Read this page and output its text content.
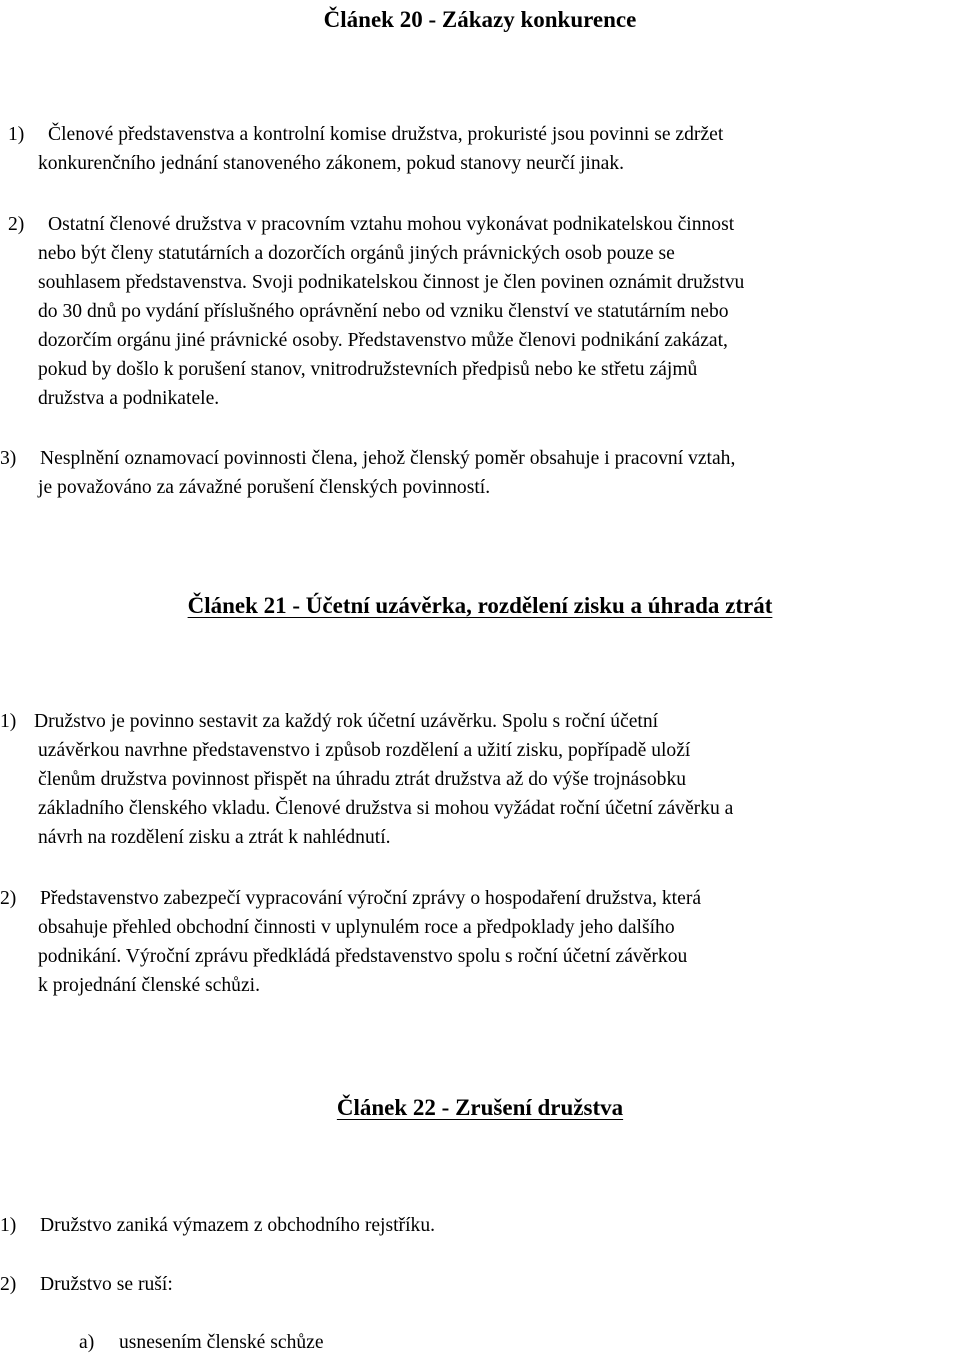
Článek 20 - Zákazy konkurence
1) Členové představenstva a kontrolní komise družstva, prokuristé jsou povinni se zdržet
konkurenčního jednání stanoveného zákonem, pokud stanovy neurčí jinak.
2) Ostatní členové družstva v pracovním vztahu mohou vykonávat podnikatelskou činnost
nebo být členy statutárních a dozorčích orgánů jiných právnických osob pouze se
souhlasem představenstva. Svoji podnikatelskou činnost je člen povinen oznámit družstvu
do 30 dnů po vydání příslušného oprávnění nebo od vzniku členství ve statutárním nebo
dozorčím orgánu jiné právnické osoby. Představenstvo může členovi podnikání zakázat,
pokud by došlo k porušení stanov, vnitrodružstevních předpisů nebo ke střetu zájmů
družstva a podnikatele.
3) Nesplnění oznamovací povinnosti člena, jehož členský poměr obsahuje i pracovní vztah,
je považováno za závažné porušení členských povinností.
Článek 21 - Účetní uzávěrka, rozdělení zisku a úhrada ztrát
1) Družstvo je povinno sestavit za každý rok účetní uzávěrku. Spolu s roční účetní
uzávěrkou navrhne představenstvo i způsob rozdělení a užití zisku, popřípadě uloží
členům družstva povinnost přispět na úhradu ztrát družstva až do výše trojnásobku
základního členského vkladu. Členové družstva si mohou vyžádat roční účetní závěrku a
návrh na rozdělení zisku a ztrát k nahlédnutí.
2) Představenstvo zabezpečí vypracování výroční zprávy o hospodaření družstva, která
obsahuje přehled obchodní činnosti v uplynulém roce a předpoklady jeho dalšího
podnikání. Výroční zprávu předkládá představenstvo spolu s roční účetní závěrkou
k projednání členské schůzi.
Článek 22 - Zrušení družstva
1) Družstvo zaniká výmazem z obchodního rejstříku.
2) Družstvo se ruší:
a) usnesením členské schůze
